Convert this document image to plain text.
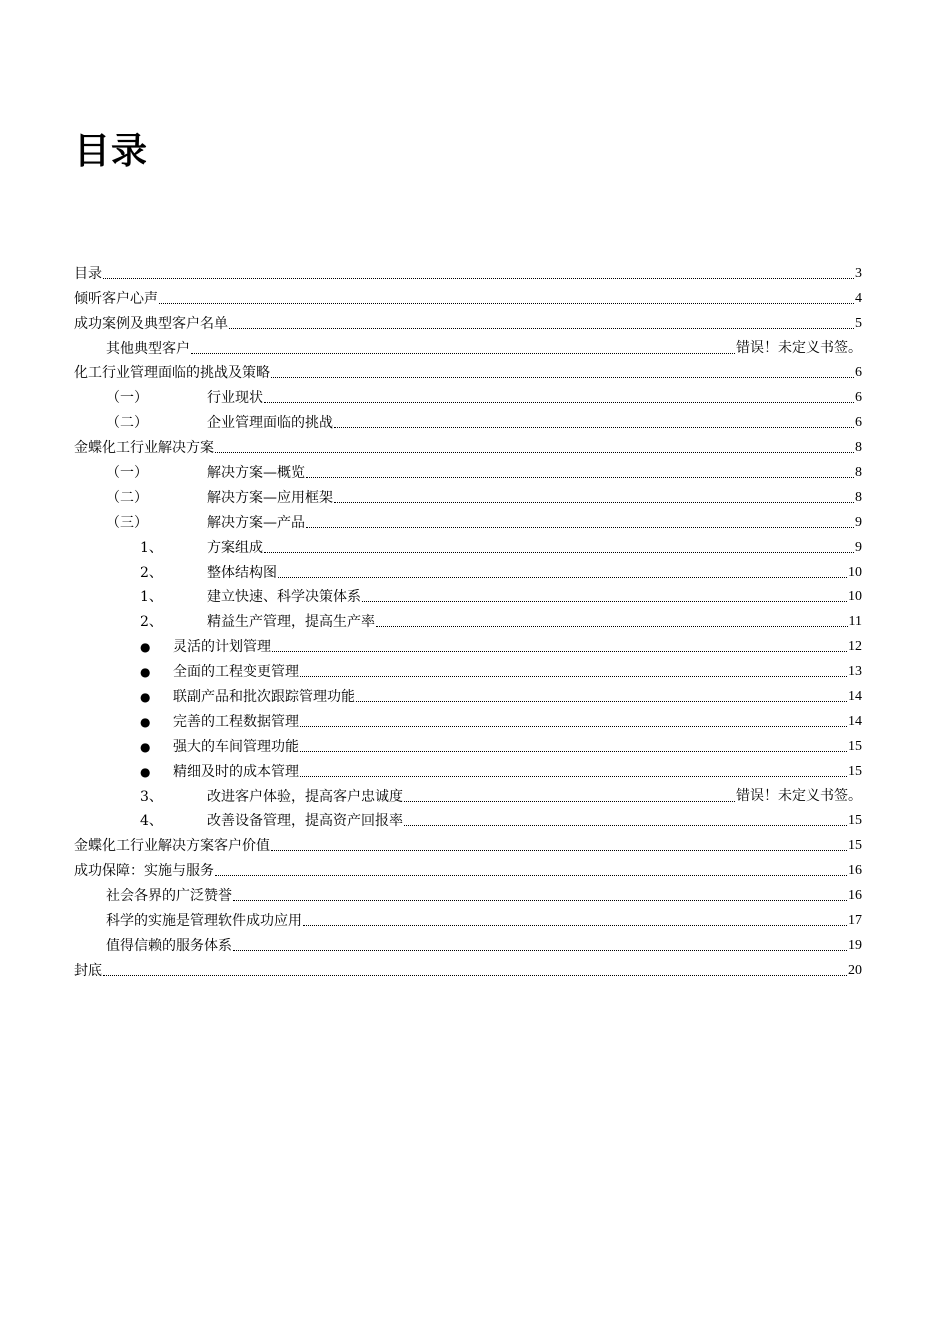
目录
目录	3
倾听客户心声	4
成功案例及典型客户名单	5
其他典型客户	错误！未定义书签。
化工行业管理面临的挑战及策略	6
（一）	行业现状	6
（二）	企业管理面临的挑战	6
金蝶化工行业解决方案	8
（一）	解决方案—概览	8
（二）	解决方案—应用框架	8
（三）	解决方案—产品	9
1、	方案组成	9
2、	整体结构图	10
1、	建立快速、科学决策体系	10
2、	精益生产管理，提高生产率	11
●	灵活的计划管理	12
●	全面的工程变更管理	13
●	联副产品和批次跟踪管理功能	14
●	完善的工程数据管理	14
●	强大的车间管理功能	15
●	精细及时的成本管理	15
3、	改进客户体验，提高客户忠诚度	错误！未定义书签。
4、	改善设备管理，提高资产回报率	15
金蝶化工行业解决方案客户价值	15
成功保障：实施与服务	16
社会各界的广泛赞誉	16
科学的实施是管理软件成功应用	17
值得信赖的服务体系	19
封底	20
